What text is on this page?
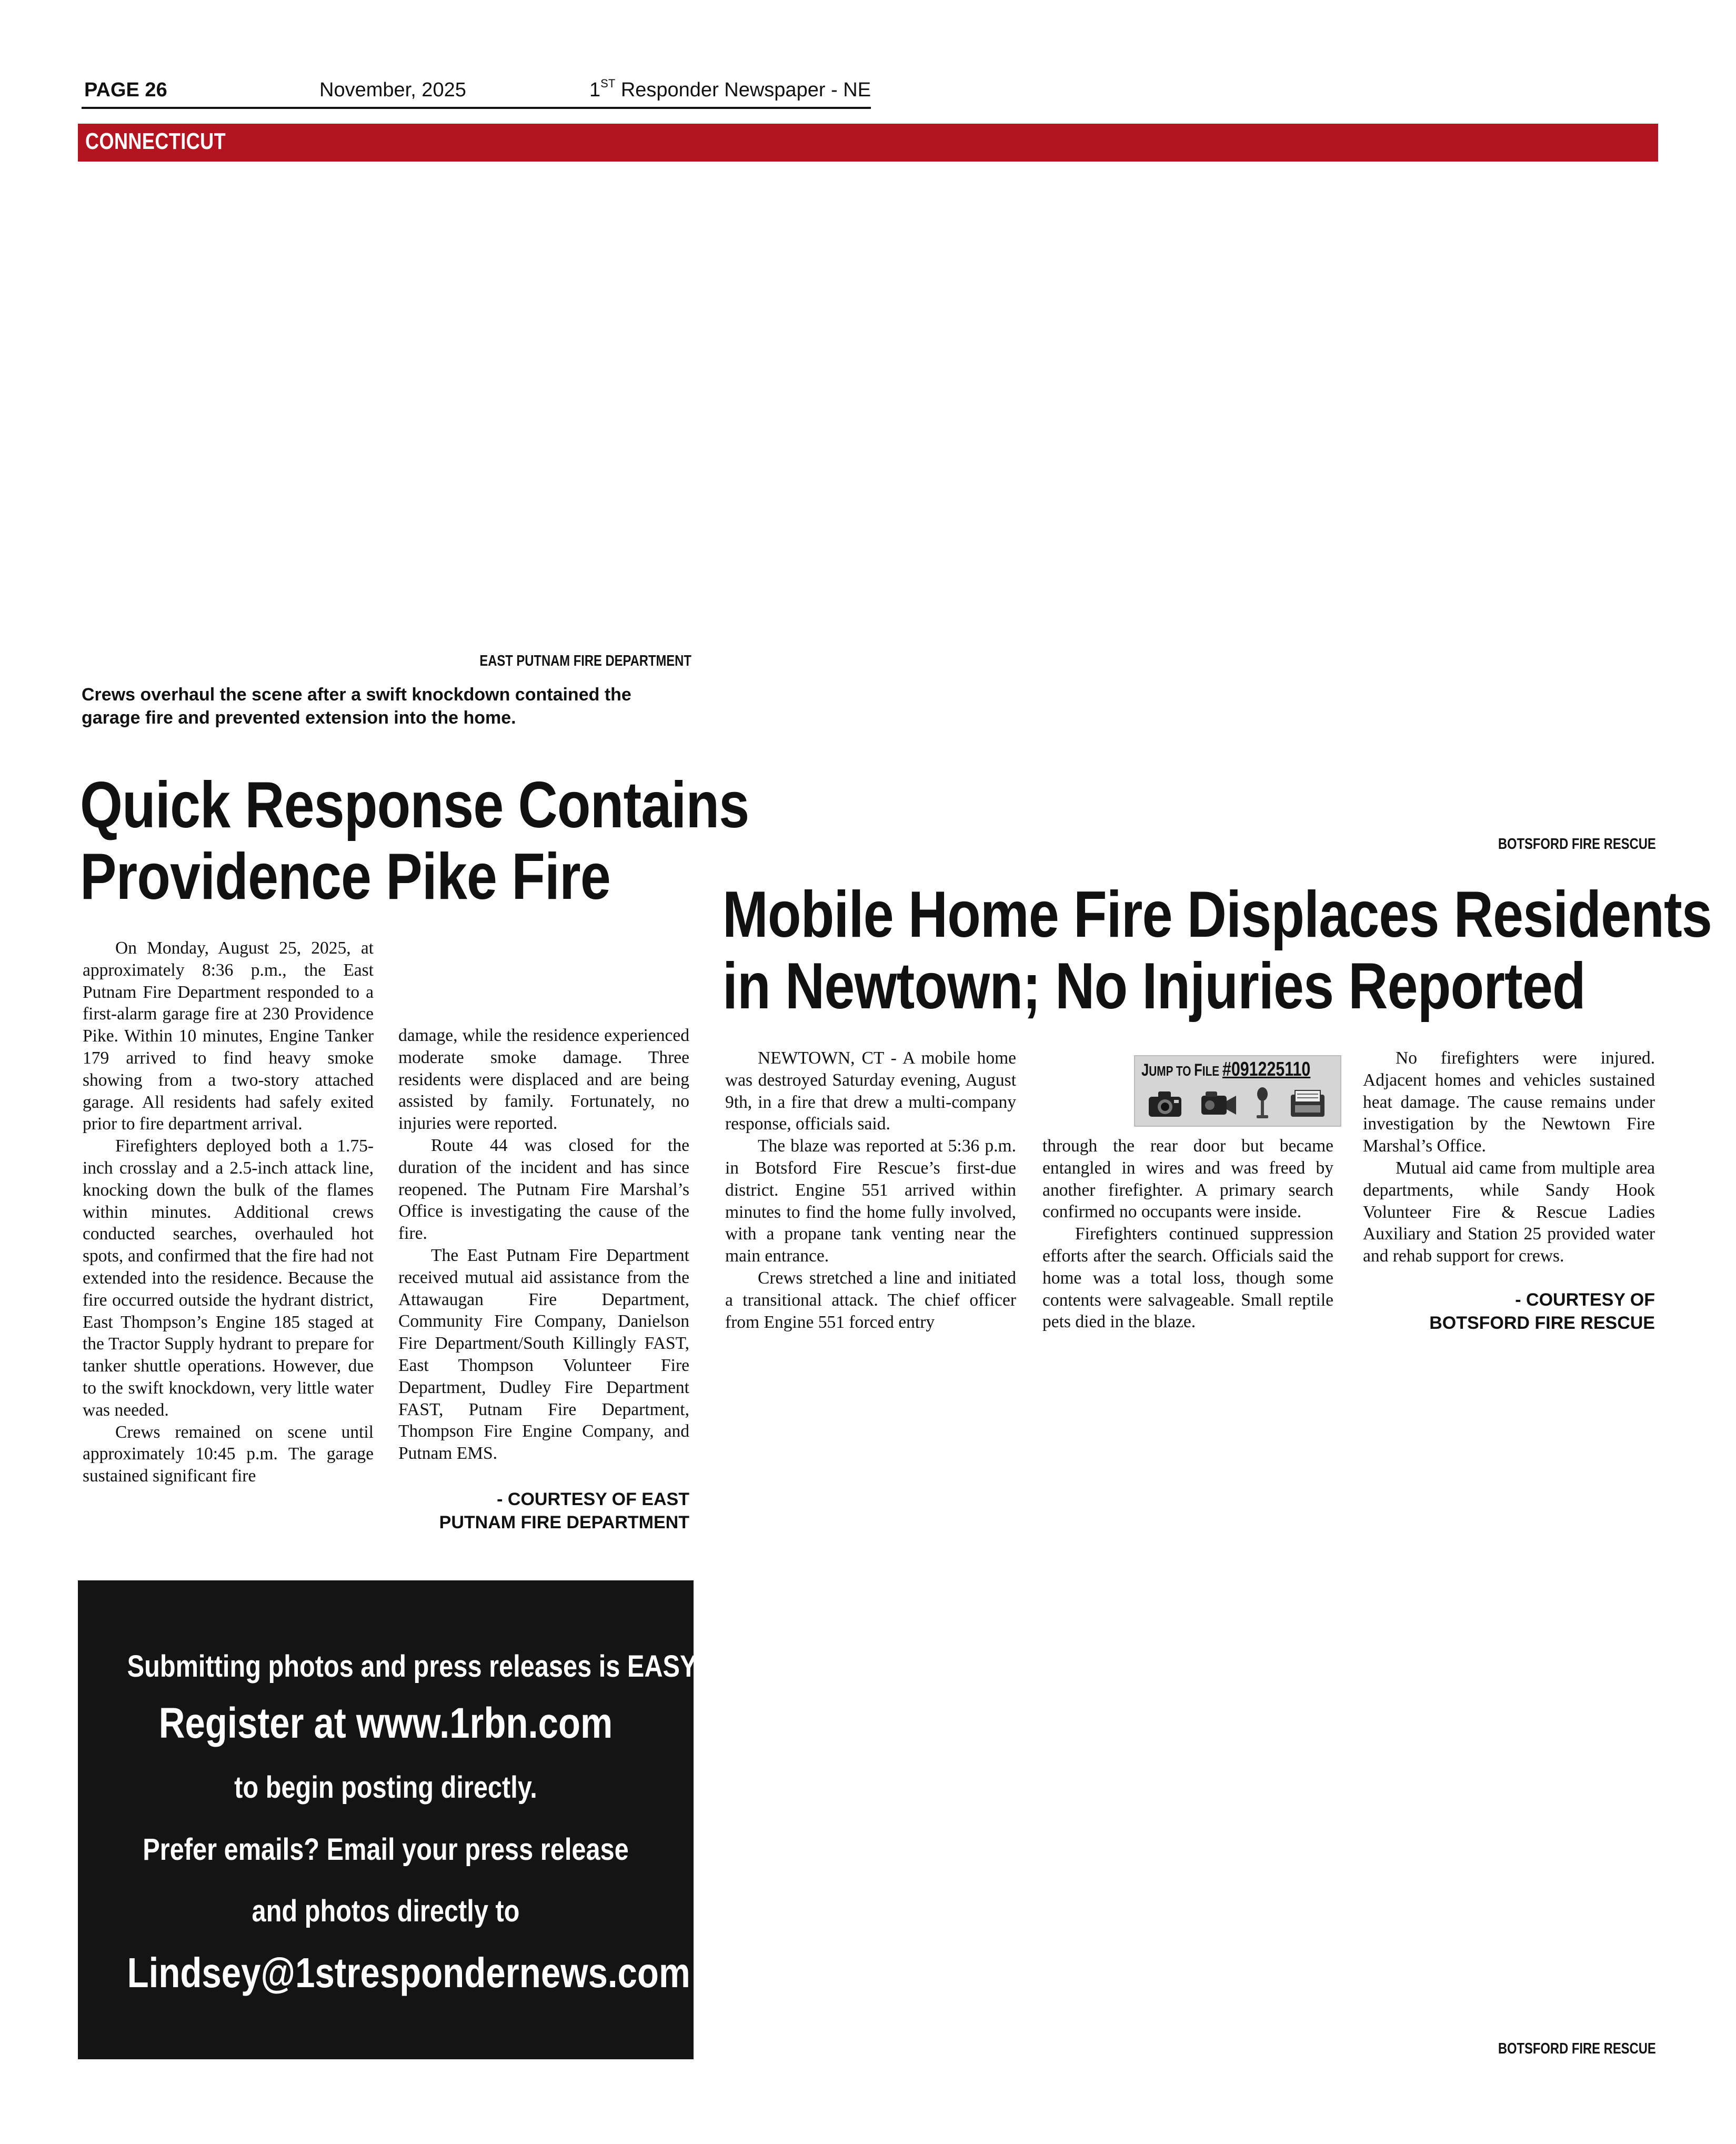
PAGE 26	November, 2025	1ST Responder Newspaper - NE
CONNECTICUT
EAST PUTNAM FIRE DEPARTMENT
Crews overhaul the scene after a swift knockdown contained the garage fire and prevented extension into the home.
Quick Response Contains
Providence Pike Fire

On Monday, August 25, 2025, at approximately 8:36 p.m., the East Putnam Fire Department responded to a first-alarm garage fire at 230 Providence Pike. Within 10 minutes, Engine Tanker 179 arrived to find heavy smoke showing from a two-story attached garage. All residents had safely exited prior to fire department arrival.

Firefighters deployed both a 1.75-inch crosslay and a 2.5-inch attack line, knocking down the bulk of the flames within minutes. Additional crews conducted searches, overhauled hot spots, and confirmed that the fire had not extended into the residence. Because the fire occurred outside the hydrant district, East Thompson’s Engine 185 staged at the Tractor Supply hydrant to prepare for tanker shuttle operations. However, due to the swift knockdown, very little water was needed.

Crews remained on scene until approximately 10:45 p.m. The garage sustained significant fire

damage, while the residence experienced moderate smoke damage. Three residents were displaced and are being assisted by family. Fortunately, no injuries were reported.

Route 44 was closed for the duration of the incident and has since reopened. The Putnam Fire Marshal’s Office is investigating the cause of the fire.

The East Putnam Fire Department received mutual aid assistance from the Attawaugan Fire Department, Community Fire Company, Danielson Fire Department/South Killingly FAST, East Thompson Volunteer Fire Department, Dudley Fire Department FAST, Putnam Fire Department, Thompson Fire Engine Company, and Putnam EMS.

- COURTESY OF EAST
PUTNAM FIRE DEPARTMENT
BOTSFORD FIRE RESCUE
Mobile Home Fire Displaces Residents
in Newtown; No Injuries Reported

NEWTOWN, CT - A mobile home was destroyed Saturday evening, August 9th, in a fire that drew a multi-company response, officials said.

The blaze was reported at 5:36 p.m. in Botsford Fire Rescue’s first-due district. Engine 551 arrived within minutes to find the home fully involved, with a propane tank venting near the main entrance.

Crews stretched a line and initiated a transitional attack. The chief officer from Engine 551 forced entry

JUMP TO FILE #091225110

through the rear door but became entangled in wires and was freed by another firefighter. A primary search confirmed no occupants were inside.

Firefighters continued suppression efforts after the search. Officials said the home was a total loss, though some contents were salvageable. Small reptile pets died in the blaze.

No firefighters were injured. Adjacent homes and vehicles sustained heat damage. The cause remains under investigation by the Newtown Fire Marshal’s Office.

Mutual aid came from multiple area departments, while Sandy Hook Volunteer Fire & Rescue Ladies Auxiliary and Station 25 provided water and rehab support for crews.

- COURTESY OF
BOTSFORD FIRE RESCUE
BOTSFORD FIRE RESCUE
Submitting photos and press releases is EASY!
Register at www.1rbn.com
to begin posting directly.
Prefer emails? Email your press release
and photos directly to
Lindsey@1strespondernews.com
